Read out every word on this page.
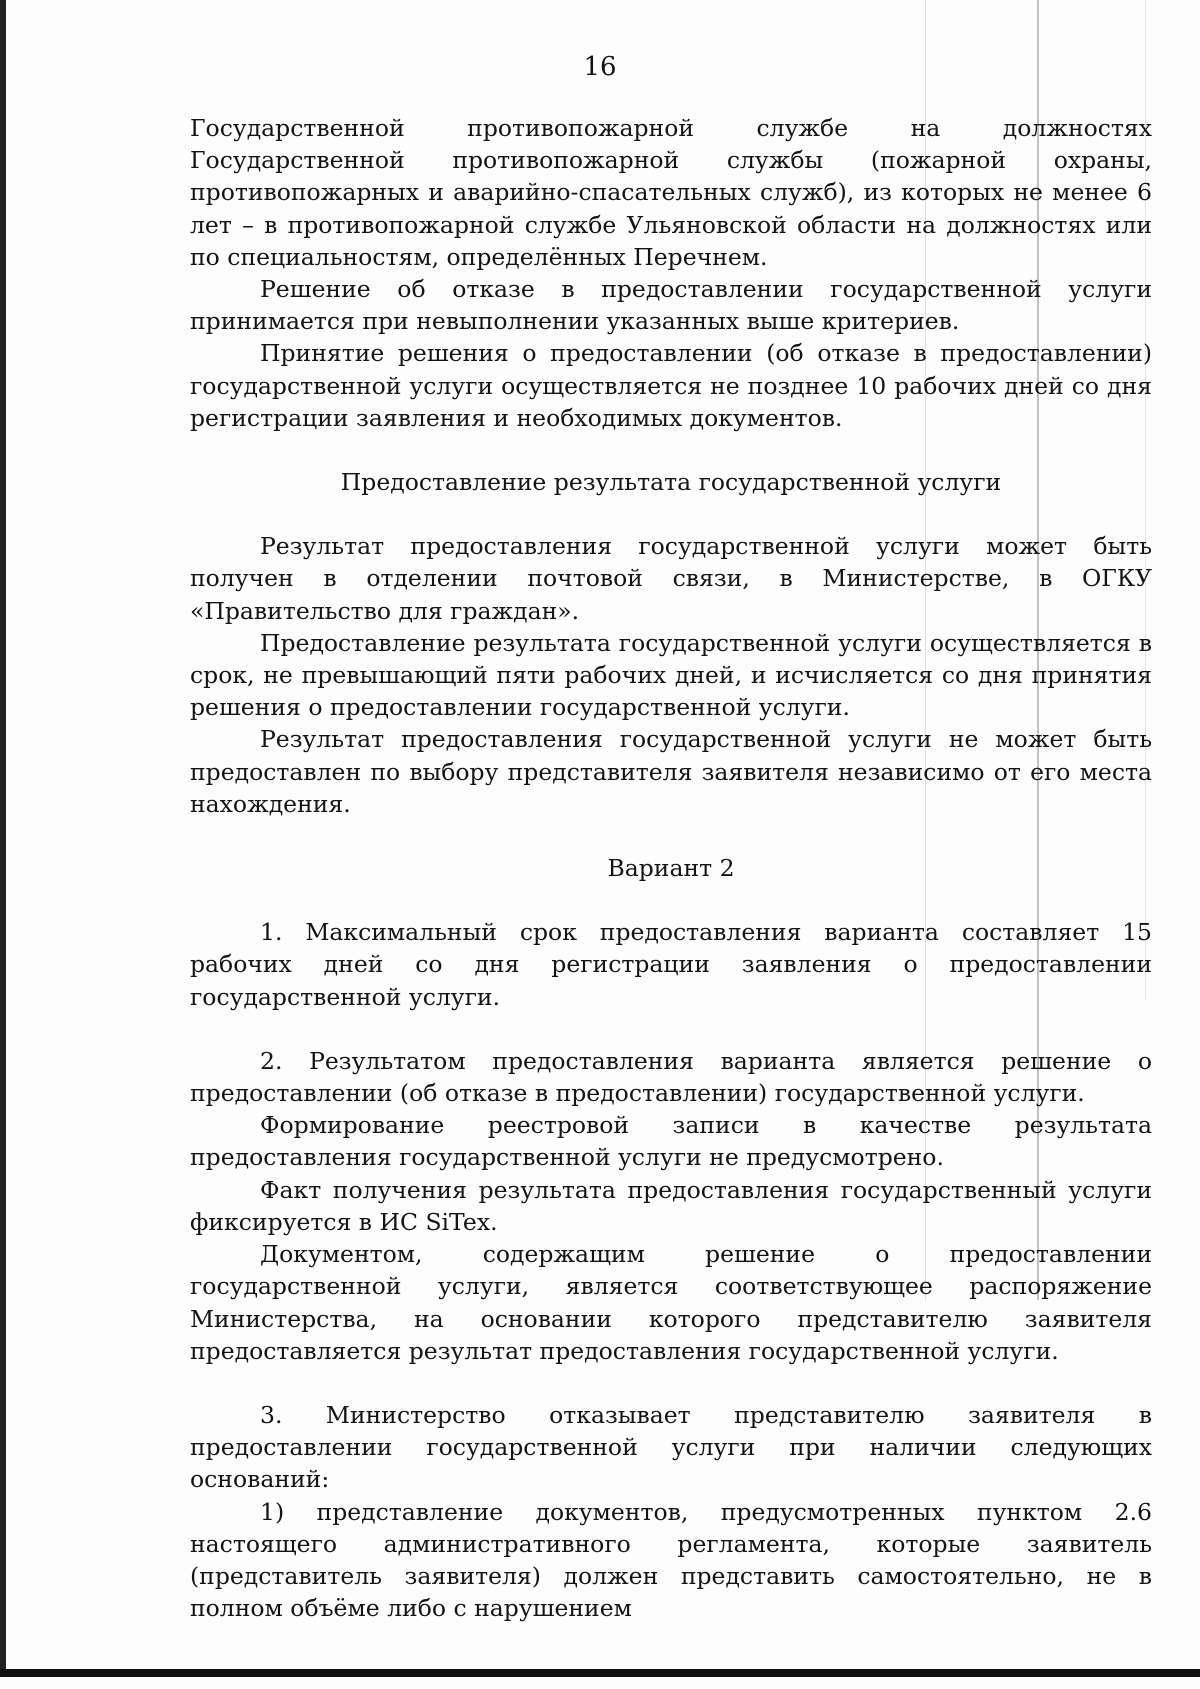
16

Государственной противопожарной службе на должностях Государственной противопожарной службы (пожарной охраны, противопожарных и аварийно-спасательных служб), из которых не менее 6 лет – в противопожарной службе Ульяновской области на должностях или по специальностям, определённых Перечнем.

Решение об отказе в предоставлении государственной услуги принимается при невыполнении указанных выше критериев.

Принятие решения о предоставлении (об отказе в предоставлении) государственной услуги осуществляется не позднее 10 рабочих дней со дня регистрации заявления и необходимых документов.

Предоставление результата государственной услуги

Результат предоставления государственной услуги может быть получен в отделении почтовой связи, в Министерстве, в ОГКУ «Правительство для граждан».

Предоставление результата государственной услуги осуществляется в срок, не превышающий пяти рабочих дней, и исчисляется со дня принятия решения о предоставлении государственной услуги.

Результат предоставления государственной услуги не может быть предоставлен по выбору представителя заявителя независимо от его места нахождения.

Вариант 2

1. Максимальный срок предоставления варианта составляет 15 рабочих дней со дня регистрации заявления о предоставлении государственной услуги.

2. Результатом предоставления варианта является решение о предоставлении (об отказе в предоставлении) государственной услуги.

Формирование реестровой записи в качестве результата предоставления государственной услуги не предусмотрено.

Факт получения результата предоставления государственный услуги фиксируется в ИС SiTex.

Документом, содержащим решение о предоставлении государственной услуги, является соответствующее распоряжение Министерства, на основании которого представителю заявителя предоставляется результат предоставления государственной услуги.

3. Министерство отказывает представителю заявителя в предоставлении государственной услуги при наличии следующих оснований:

1) представление документов, предусмотренных пунктом 2.6 настоящего административного регламента, которые заявитель (представитель заявителя) должен представить самостоятельно, не в полном объёме либо с нарушением
